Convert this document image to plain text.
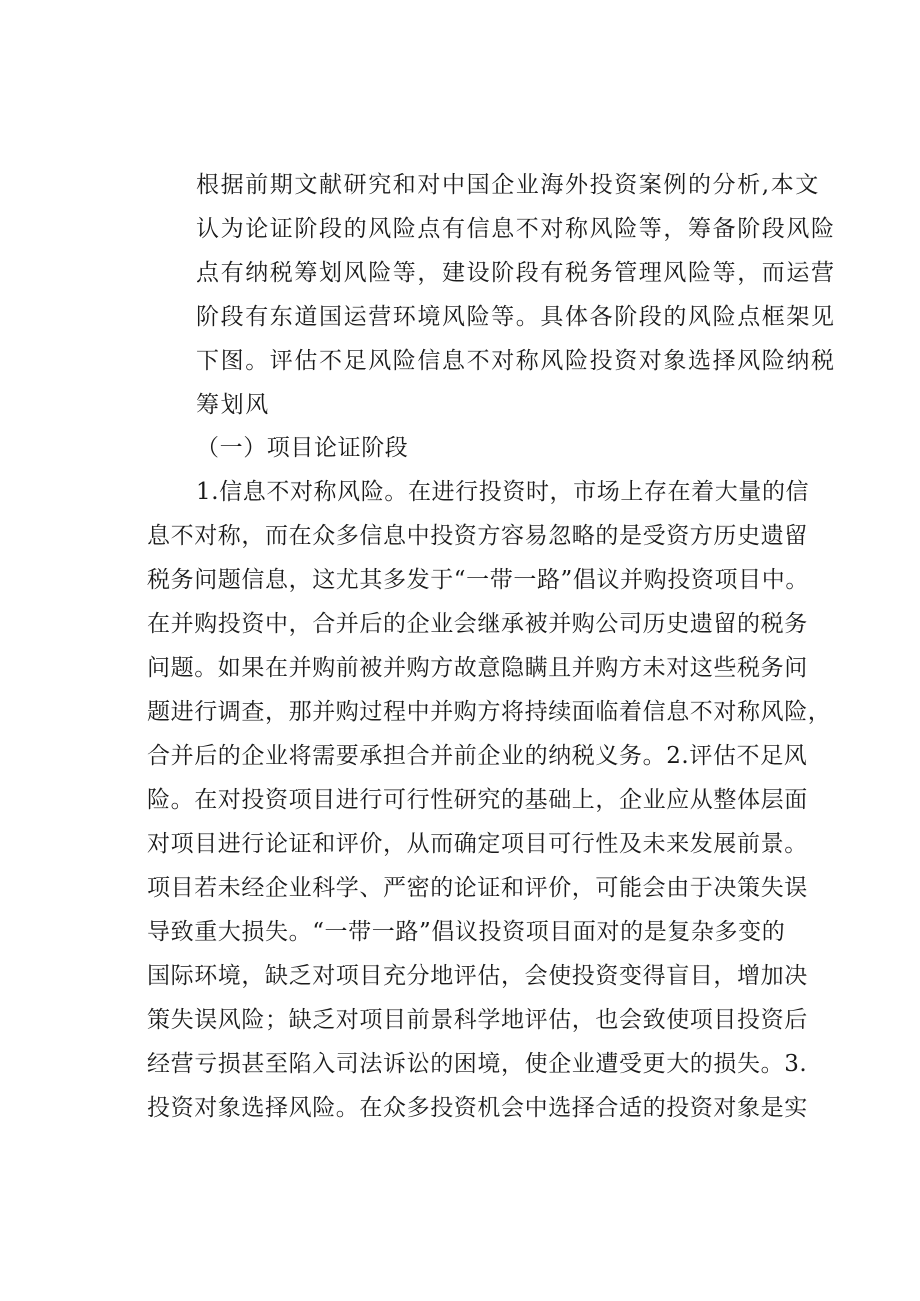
根据前期文献研究和对中国企业海外投资案例的分析,本文
认为论证阶段的风险点有信息不对称风险等，筹备阶段风险
点有纳税筹划风险等，建设阶段有税务管理风险等，而运营
阶段有东道国运营环境风险等。具体各阶段的风险点框架见
下图。评估不足风险信息不对称风险投资对象选择风险纳税
筹划风
（一）项目论证阶段
1.信息不对称风险。在进行投资时，市场上存在着大量的信
息不对称，而在众多信息中投资方容易忽略的是受资方历史遗留
税务问题信息，这尤其多发于“一带一路”倡议并购投资项目中。
在并购投资中，合并后的企业会继承被并购公司历史遗留的税务
问题。如果在并购前被并购方故意隐瞒且并购方未对这些税务问
题进行调查，那并购过程中并购方将持续面临着信息不对称风险，
合并后的企业将需要承担合并前企业的纳税义务。2.评估不足风
险。在对投资项目进行可行性研究的基础上，企业应从整体层面
对项目进行论证和评价，从而确定项目可行性及未来发展前景。
项目若未经企业科学、严密的论证和评价，可能会由于决策失误
导致重大损失。“一带一路”倡议投资项目面对的是复杂多变的
国际环境，缺乏对项目充分地评估，会使投资变得盲目，增加决
策失误风险；缺乏对项目前景科学地评估，也会致使项目投资后
经营亏损甚至陷入司法诉讼的困境，使企业遭受更大的损失。3.
投资对象选择风险。在众多投资机会中选择合适的投资对象是实
